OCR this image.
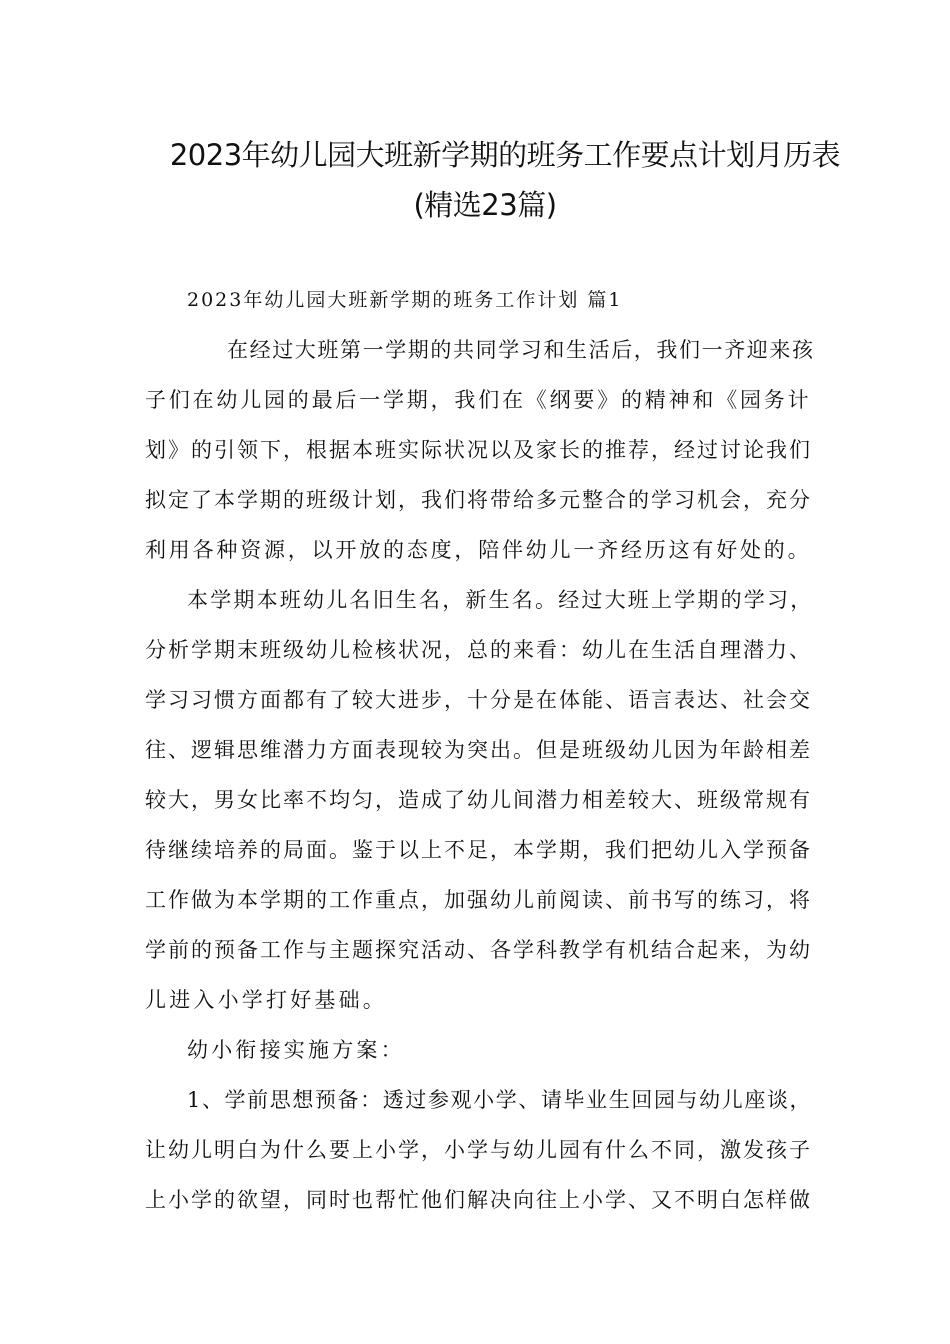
2023年幼儿园大班新学期的班务工作要点计划月历表
(精选23篇)
2023年幼儿园大班新学期的班务工作计划 篇1
在经过大班第一学期的共同学习和生活后，我们一齐迎来孩
子们在幼儿园的最后一学期，我们在《纲要》的精神和《园务计
划》的引领下，根据本班实际状况以及家长的推荐，经过讨论我们
拟定了本学期的班级计划，我们将带给多元整合的学习机会，充分
利用各种资源，以开放的态度，陪伴幼儿一齐经历这有好处的。
本学期本班幼儿名旧生名，新生名。经过大班上学期的学习，
分析学期末班级幼儿检核状况，总的来看：幼儿在生活自理潜力、
学习习惯方面都有了较大进步，十分是在体能、语言表达、社会交
往、逻辑思维潜力方面表现较为突出。但是班级幼儿因为年龄相差
较大，男女比率不均匀，造成了幼儿间潜力相差较大、班级常规有
待继续培养的局面。鉴于以上不足，本学期，我们把幼儿入学预备
工作做为本学期的工作重点，加强幼儿前阅读、前书写的练习，将
学前的预备工作与主题探究活动、各学科教学有机结合起来，为幼
儿进入小学打好基础。
幼小衔接实施方案：
1、学前思想预备：透过参观小学、请毕业生回园与幼儿座谈，
让幼儿明白为什么要上小学，小学与幼儿园有什么不同，激发孩子
上小学的欲望，同时也帮忙他们解决向往上小学、又不明白怎样做
